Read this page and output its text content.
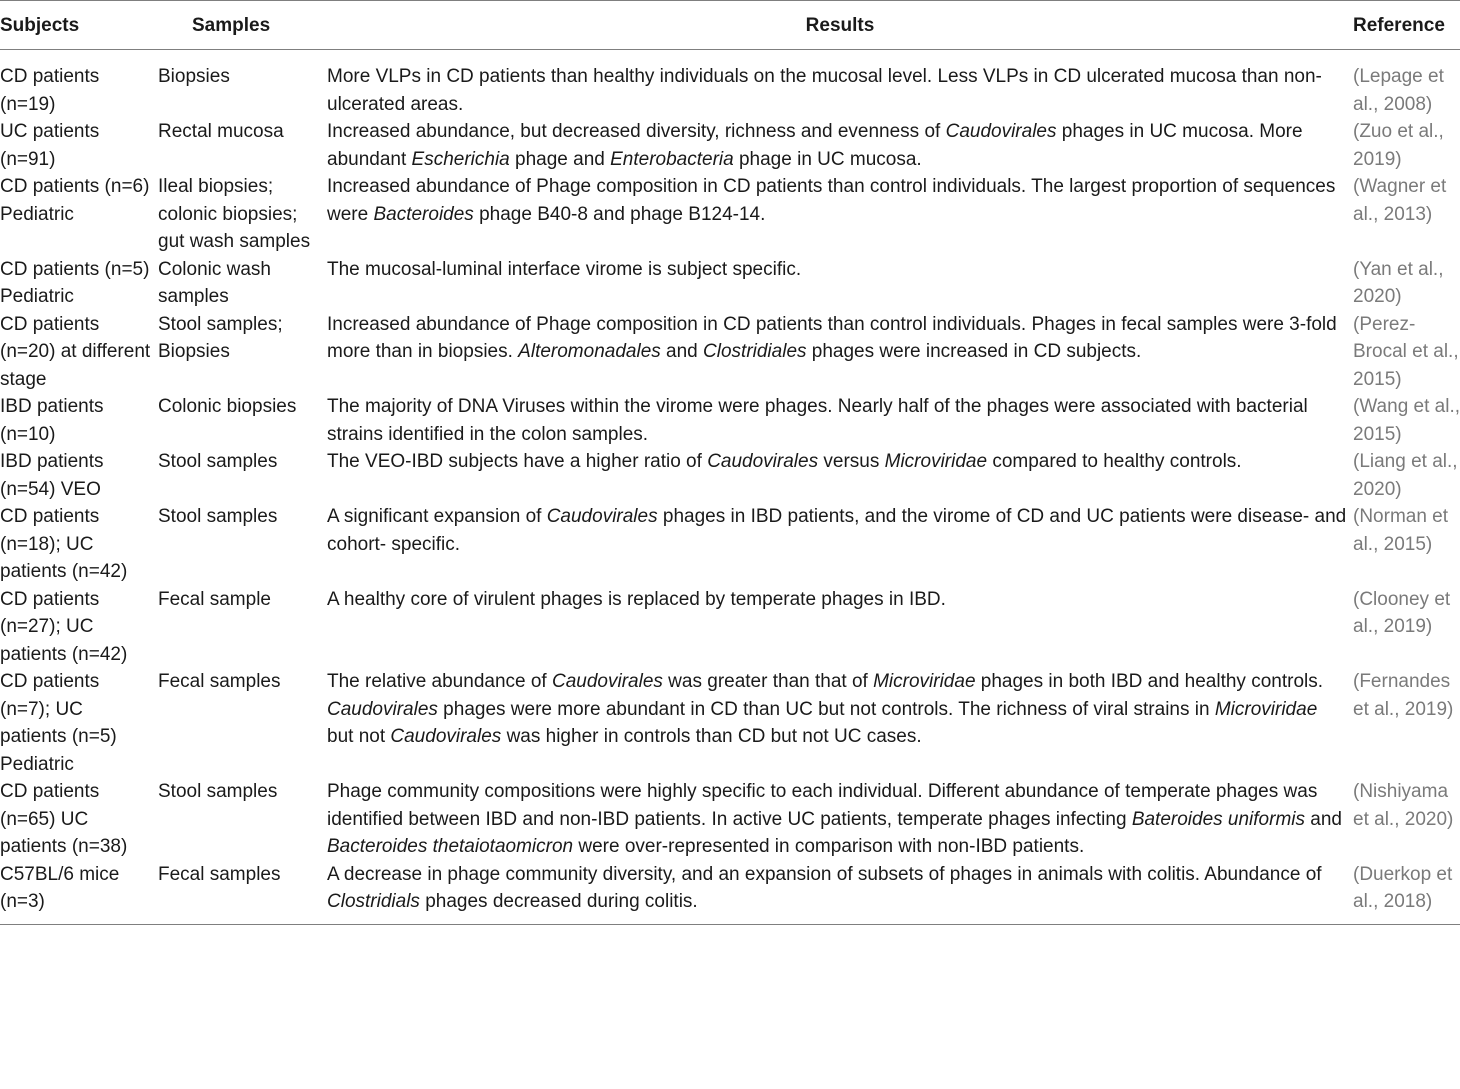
Subjects	Samples	Results	Reference
CD patients (n=19)	Biopsies	More VLPs in CD patients than healthy individuals on the mucosal level. Less VLPs in CD ulcerated mucosa than non-ulcerated areas.	(Lepage et al., 2008)
UC patients (n=91)	Rectal mucosa	Increased abundance, but decreased diversity, richness and evenness of Caudovirales phages in UC mucosa. More abundant Escherichia phage and Enterobacteria phage in UC mucosa.	(Zuo et al., 2019)
CD patients (n=6) Pediatric	Ileal biopsies; colonic biopsies; gut wash samples	Increased abundance of Phage composition in CD patients than control individuals. The largest proportion of sequences were Bacteroides phage B40-8 and phage B124-14.	(Wagner et al., 2013)
CD patients (n=5) Pediatric	Colonic wash samples	The mucosal-luminal interface virome is subject specific.	(Yan et al., 2020)
CD patients (n=20) at different stage	Stool samples; Biopsies	Increased abundance of Phage composition in CD patients than control individuals. Phages in fecal samples were 3-fold more than in biopsies. Alteromonadales and Clostridiales phages were increased in CD subjects.	(Perez-Brocal et al., 2015)
IBD patients (n=10)	Colonic biopsies	The majority of DNA Viruses within the virome were phages. Nearly half of the phages were associated with bacterial strains identified in the colon samples.	(Wang et al., 2015)
IBD patients (n=54) VEO	Stool samples	The VEO-IBD subjects have a higher ratio of Caudovirales versus Microviridae compared to healthy controls.	(Liang et al., 2020)
CD patients (n=18); UC patients (n=42)	Stool samples	A significant expansion of Caudovirales phages in IBD patients, and the virome of CD and UC patients were disease- and cohort- specific.	(Norman et al., 2015)
CD patients (n=27); UC patients (n=42)	Fecal sample	A healthy core of virulent phages is replaced by temperate phages in IBD.	(Clooney et al., 2019)
CD patients (n=7); UC patients (n=5) Pediatric	Fecal samples	The relative abundance of Caudovirales was greater than that of Microviridae phages in both IBD and healthy controls. Caudovirales phages were more abundant in CD than UC but not controls. The richness of viral strains in Microviridae but not Caudovirales was higher in controls than CD but not UC cases.	(Fernandes et al., 2019)
CD patients (n=65) UC patients (n=38)	Stool samples	Phage community compositions were highly specific to each individual. Different abundance of temperate phages was identified between IBD and non-IBD patients. In active UC patients, temperate phages infecting Bateroides uniformis and Bacteroides thetaiotaomicron were over-represented in comparison with non-IBD patients.	(Nishiyama et al., 2020)
C57BL/6 mice (n=3)	Fecal samples	A decrease in phage community diversity, and an expansion of subsets of phages in animals with colitis. Abundance of Clostridials phages decreased during colitis.	(Duerkop et al., 2018)
